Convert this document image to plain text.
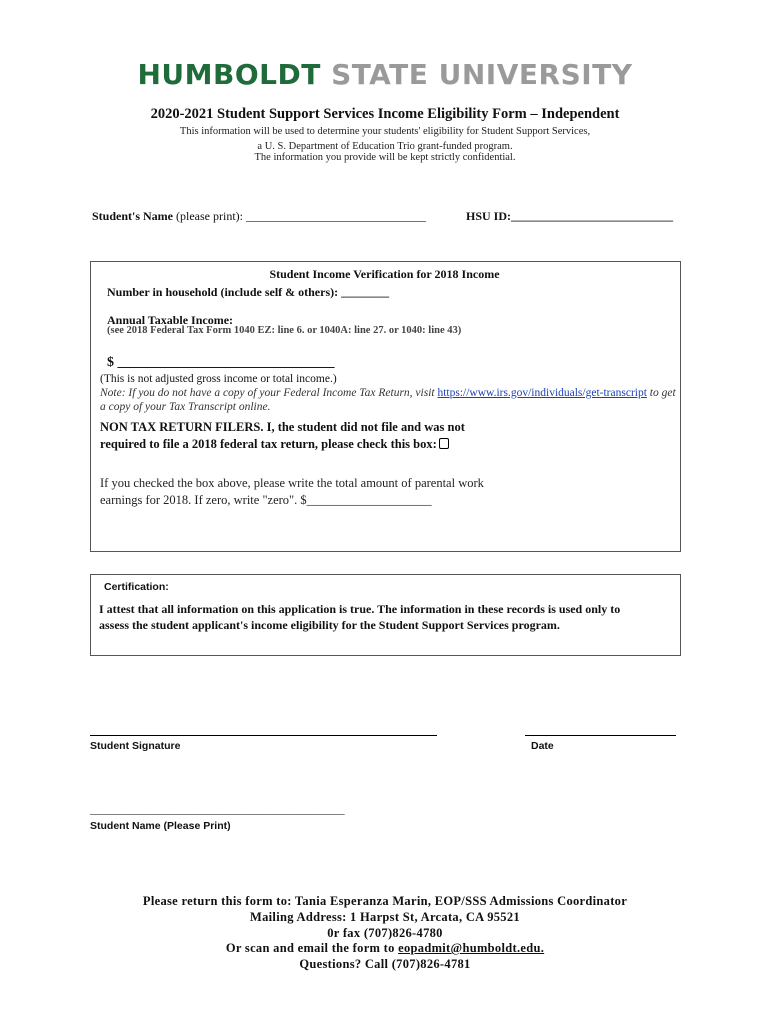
HUMBOLDT STATE UNIVERSITY
2020-2021 Student Support Services Income Eligibility Form – Independent
This information will be used to determine your students' eligibility for Student Support Services,
a U. S. Department of Education Trio grant-funded program.
The information you provide will be kept strictly confidential.
Student's Name (please print): ______________________________	HSU ID:___________________________
Student Income Verification for 2018 Income
Number in household (include self & others): ________
Annual Taxable Income:
(see 2018 Federal Tax Form 1040 EZ: line 6. or 1040A: line 27. or 1040: line 43)
$ _______________________________
(This is not adjusted gross income or total income.)
Note: If you do not have a copy of your Federal Income Tax Return, visit https://www.irs.gov/individuals/get-transcript to get
a copy of your Tax Transcript online.
NON TAX RETURN FILERS. I, the student did not file and was not
required to file a 2018 federal tax return, please check this box:
If you checked the box above, please write the total amount of parental work
earnings for 2018. If zero, write "zero". $____________________
Certification:
I attest that all information on this application is true. The information in these records is used only to
assess the student applicant's income eligibility for the Student Support Services program.
Student Signature	Date
_____________________________________________________
Student Name (Please Print)
Please return this form to: Tania Esperanza Marin, EOP/SSS Admissions Coordinator
Mailing Address: 1 Harpst St, Arcata, CA 95521
0r fax (707)826-4780
Or scan and email the form to eopadmit@humboldt.edu.
Questions? Call (707)826-4781
